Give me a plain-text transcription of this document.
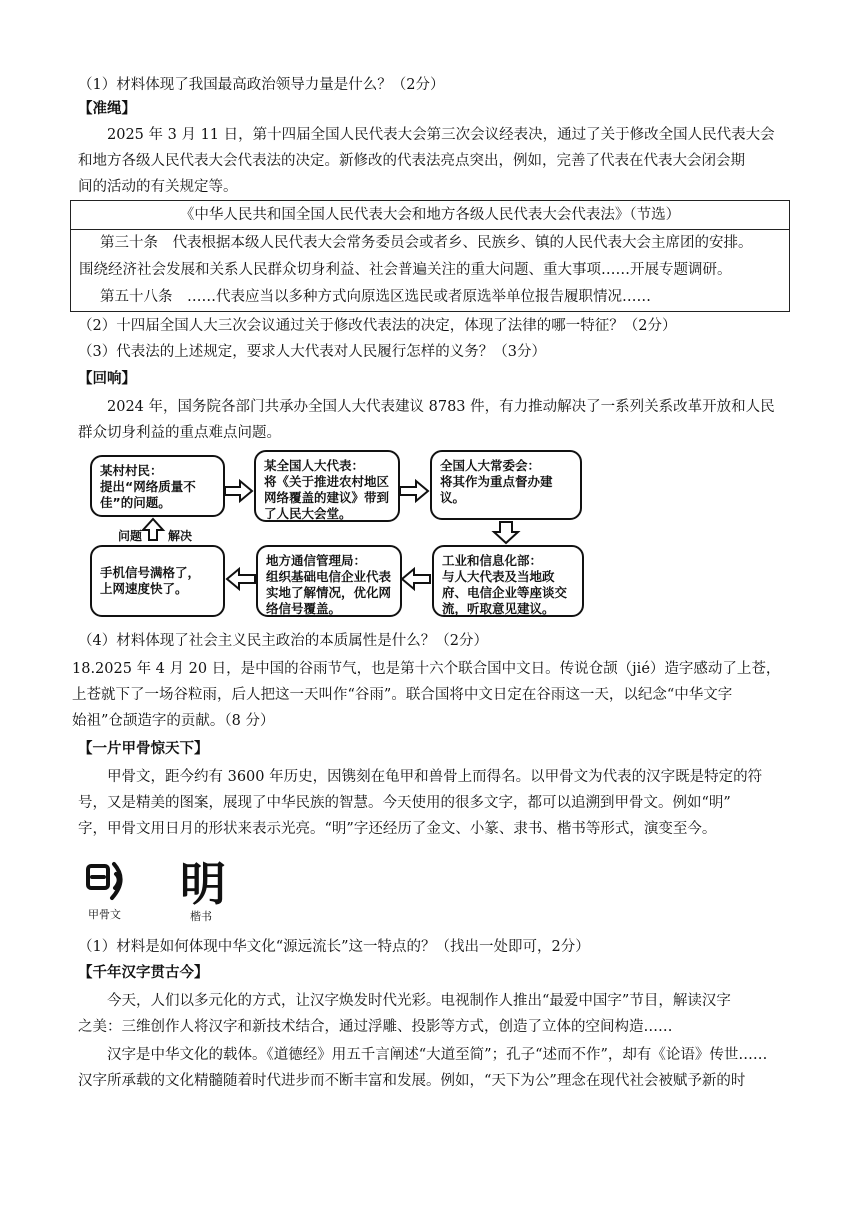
（1）材料体现了我国最高政治领导力量是什么？（2分）
【准绳】
2025 年 3 月 11 日，第十四届全国人民代表大会第三次会议经表决，通过了关于修改全国人民代表大会
和地方各级人民代表大会代表法的决定。新修改的代表法亮点突出，例如，完善了代表在代表大会闭会期
间的活动的有关规定等。
《中华人民共和国全国人民代表大会和地方各级人民代表大会代表法》（节选）
第三十条　代表根据本级人民代表大会常务委员会或者乡、民族乡、镇的人民代表大会主席团的安排。
围绕经济社会发展和关系人民群众切身利益、社会普遍关注的重大问题、重大事项……开展专题调研。
第五十八条　……代表应当以多种方式向原选区选民或者原选举单位报告履职情况……
（2）十四届全国人大三次会议通过关于修改代表法的决定，体现了法律的哪一特征？（2分）
（3）代表法的上述规定，要求人大代表对人民履行怎样的义务？（3分）
【回响】
2024 年，国务院各部门共承办全国人大代表建议 8783 件，有力推动解决了一系列关系改革开放和人民
群众切身利益的重点难点问题。
某村村民：
提出“网络质量不佳”的问题。
某全国人大代表：
将《关于推进农村地区网络覆盖的建议》带到了人民大会堂。
全国人大常委会：
将其作为重点督办建议。
工业和信息化部：
与人大代表及当地政府、电信企业等座谈交流，听取意见建议。
地方通信管理局：
组织基础电信企业代表实地了解情况，优化网络信号覆盖。
手机信号满格了，
上网速度快了。
问题 解决
（4）材料体现了社会主义民主政治的本质属性是什么？（2分）
18.2025 年 4 月 20 日，是中国的谷雨节气，也是第十六个联合国中文日。传说仓颉（jié）造字感动了上苍，
上苍就下了一场谷粒雨，后人把这一天叫作“谷雨”。联合国将中文日定在谷雨这一天，以纪念“中华文字
始祖”仓颉造字的贡献。（8 分）
【一片甲骨惊天下】
甲骨文，距今约有 3600 年历史，因镌刻在龟甲和兽骨上而得名。以甲骨文为代表的汉字既是特定的符
号，又是精美的图案，展现了中华民族的智慧。今天使用的很多文字，都可以追溯到甲骨文。例如“明”
字，甲骨文用日月的形状来表示光亮。“明”字还经历了金文、小篆、隶书、楷书等形式，演变至今。
明
甲骨文	楷书
（1）材料是如何体现中华文化“源远流长”这一特点的？（找出一处即可，2分）
【千年汉字贯古今】
今天，人们以多元化的方式，让汉字焕发时代光彩。电视制作人推出“最爱中国字”节目，解读汉字
之美：三维创作人将汉字和新技术结合，通过浮雕、投影等方式，创造了立体的空间构造……
汉字是中华文化的载体。《道德经》用五千言阐述“大道至简”；孔子“述而不作”，却有《论语》传世……
汉字所承载的文化精髓随着时代进步而不断丰富和发展。例如，“天下为公”理念在现代社会被赋予新的时
